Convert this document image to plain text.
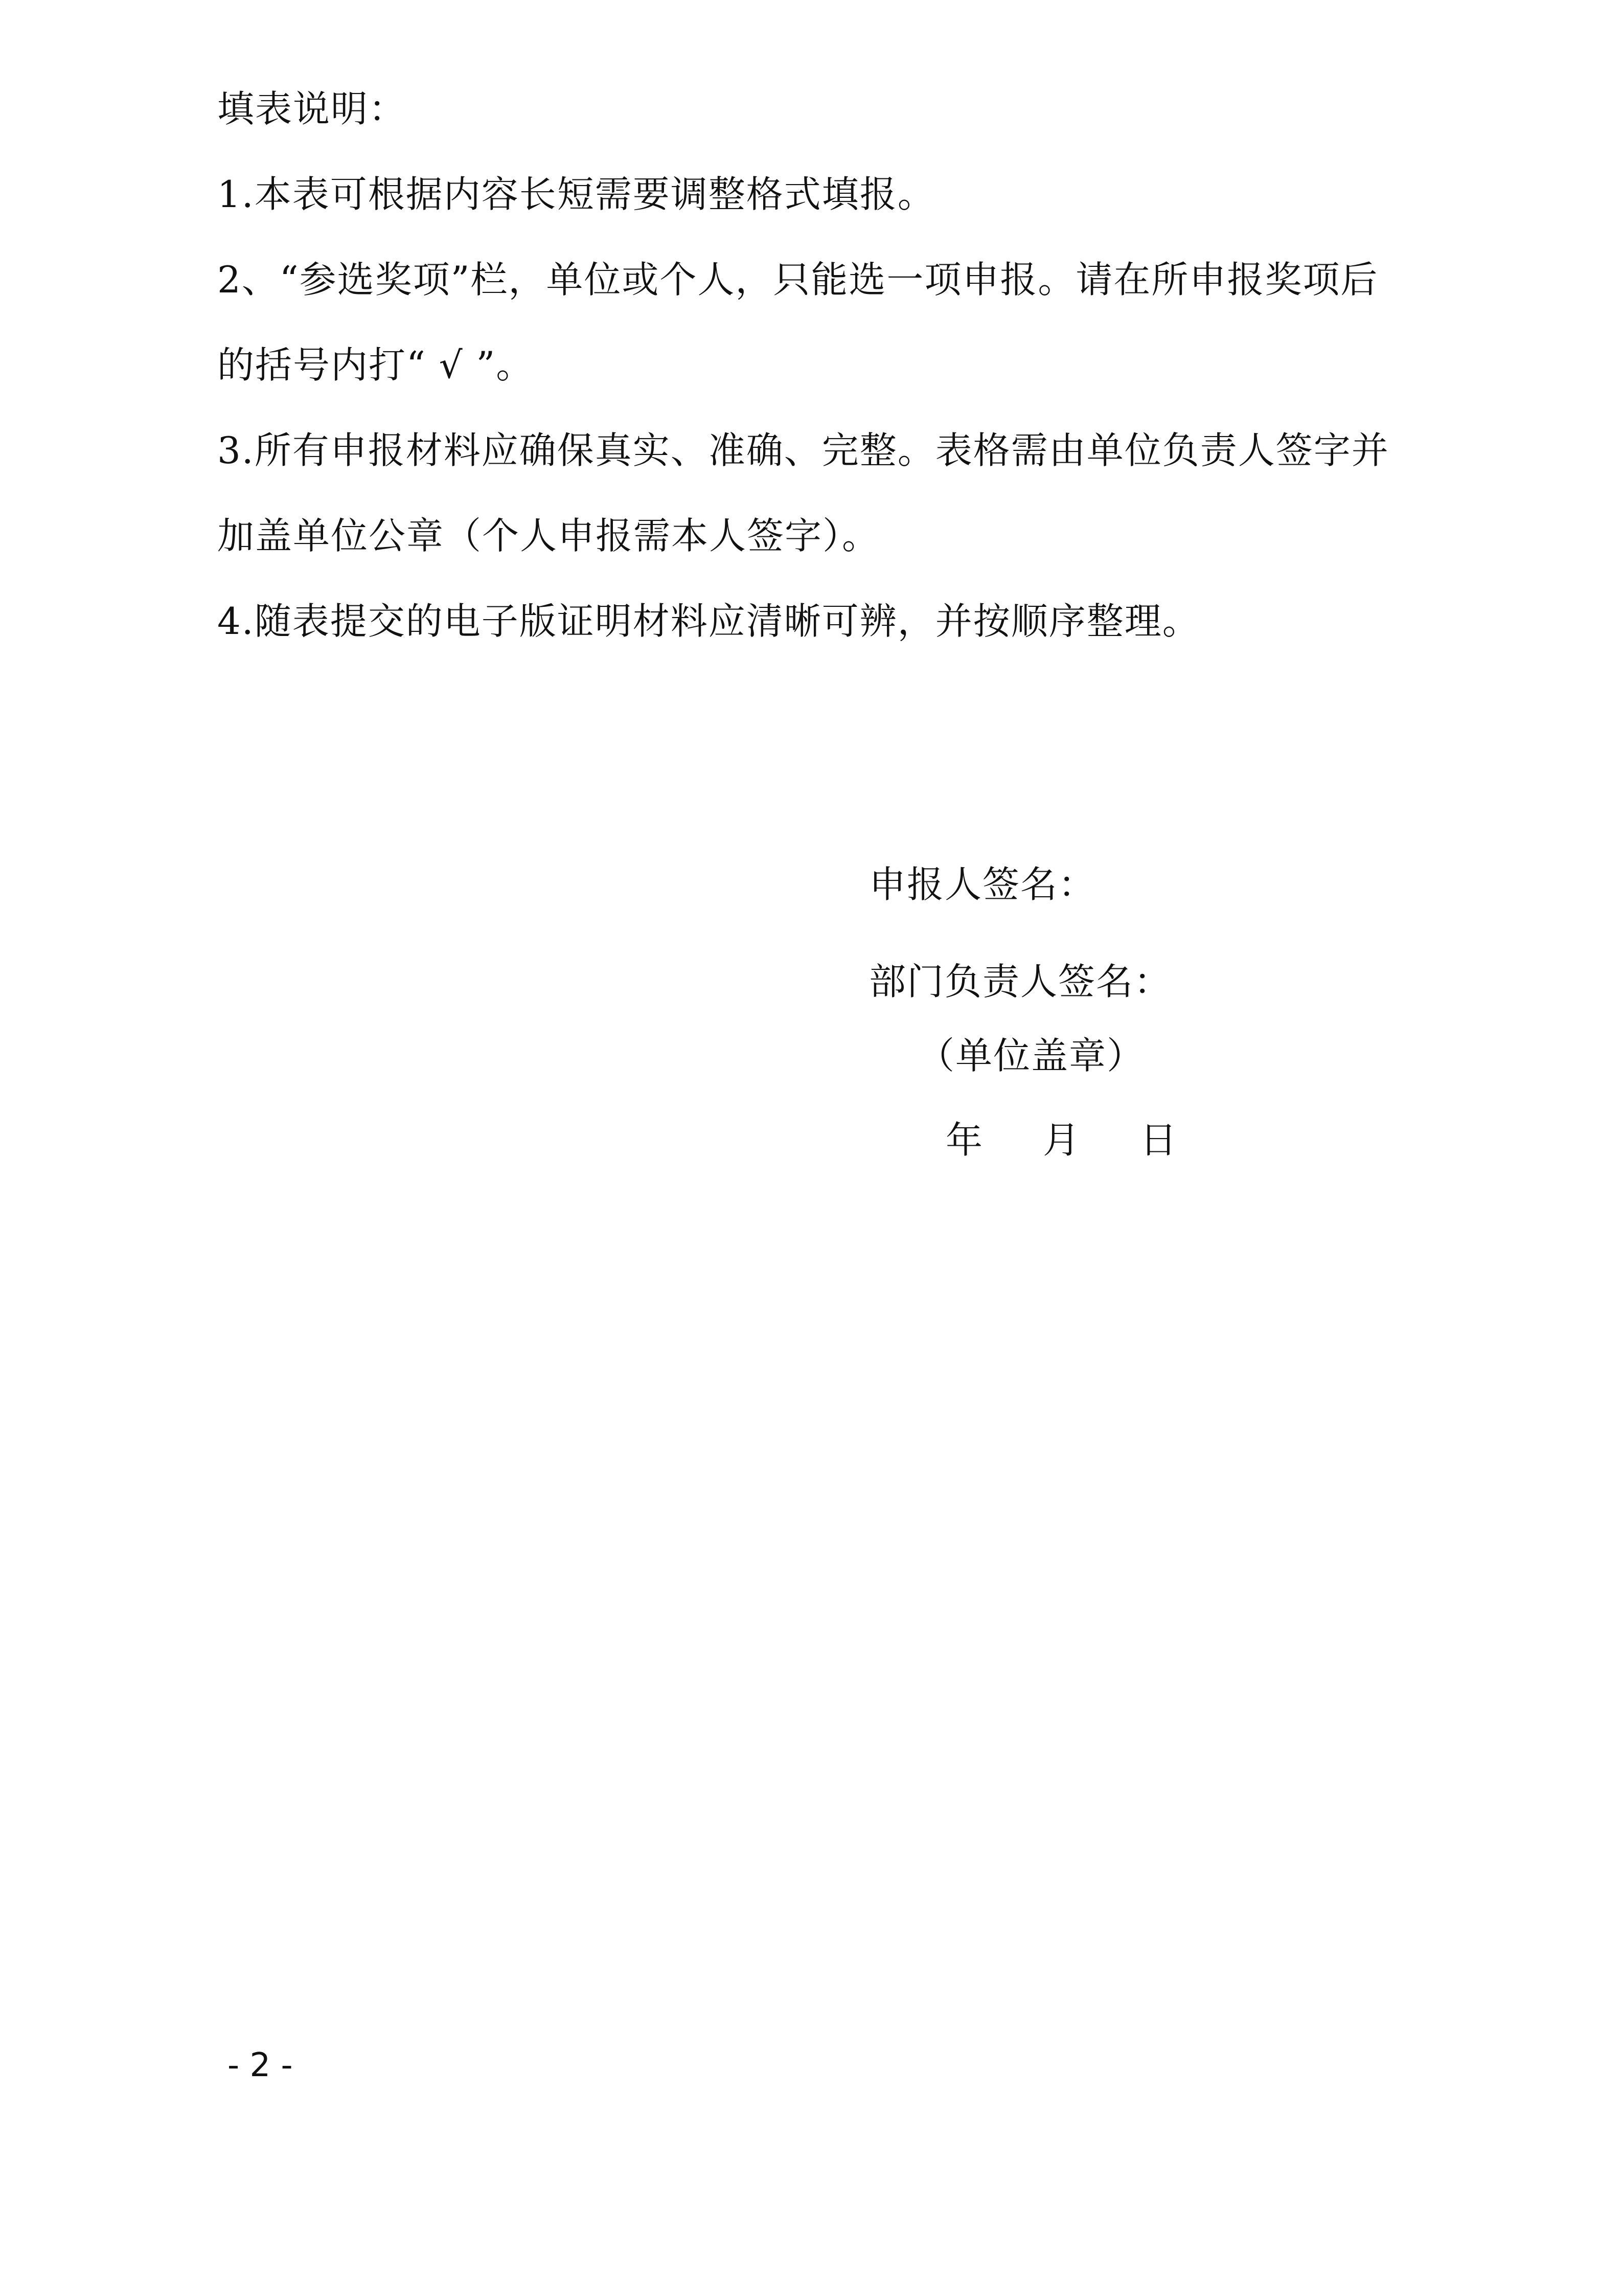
填表说明：
1.本表可根据内容长短需要调整格式填报。
2、“参选奖项”栏，单位或个人，只能选一项申报。请在所申报奖项后
的括号内打“ √ ”。
3.所有申报材料应确保真实、准确、完整。表格需由单位负责人签字并
加盖单位公章（个人申报需本人签字）。
4.随表提交的电子版证明材料应清晰可辨，并按顺序整理。
申报人签名：
部门负责人签名：
（单位盖章）
年 月 日
- 2 -
